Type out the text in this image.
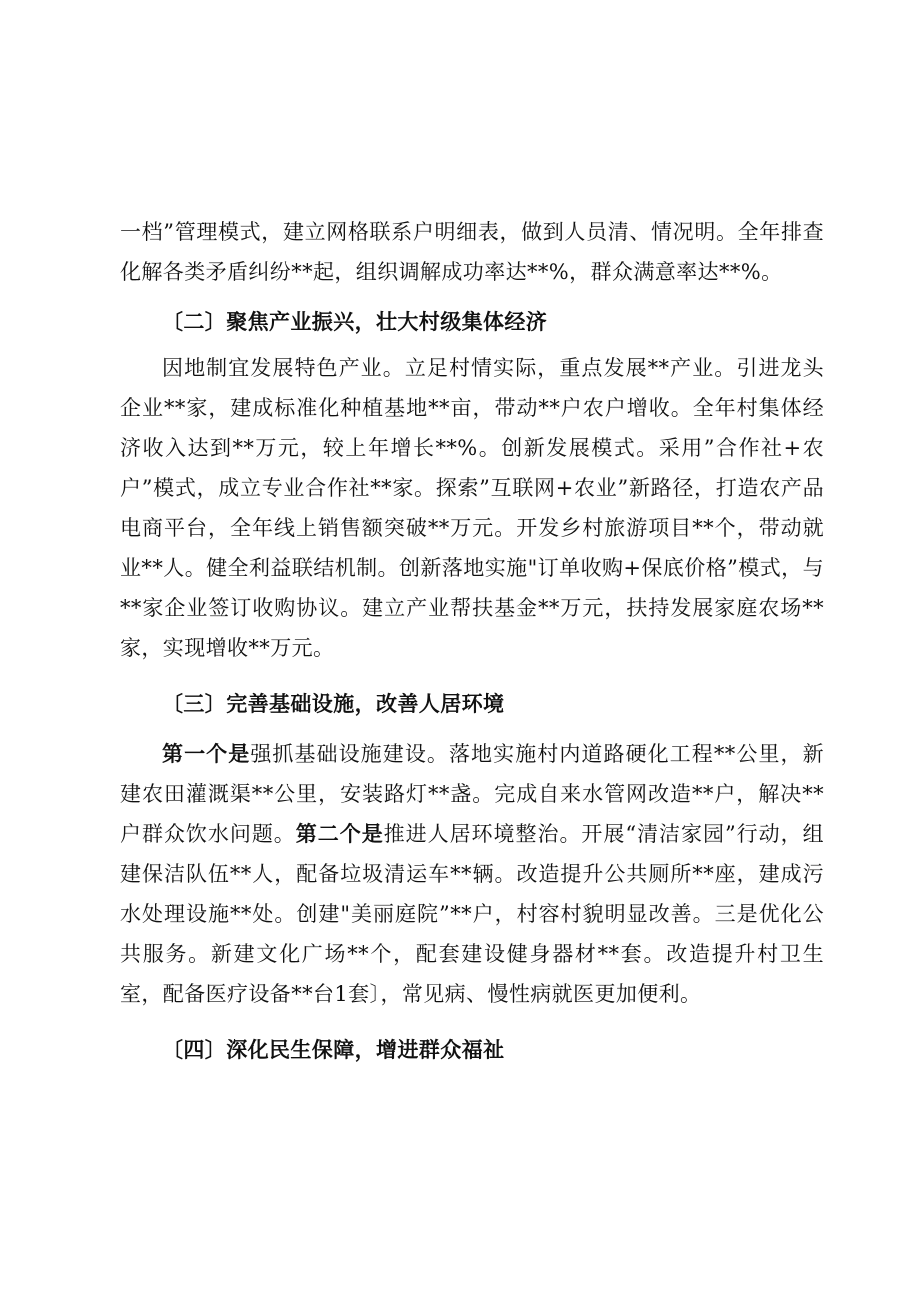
一档”管理模式，建立网格联系户明细表，做到人员清、情况明。全年排查化解各类矛盾纠纷**起，组织调解成功率达**%，群众满意率达**%。

〔二〕聚焦产业振兴，壮大村级集体经济

因地制宜发展特色产业。立足村情实际，重点发展**产业。引进龙头企业**家，建成标准化种植基地**亩，带动**户农户增收。全年村集体经济收入达到**万元，较上年增长**%。创新发展模式。采用”合作社+农户”模式，成立专业合作社**家。探索”互联网+农业”新路径，打造农产品电商平台，全年线上销售额突破**万元。开发乡村旅游项目**个，带动就业**人。健全利益联结机制。创新落地实施"订单收购+保底价格”模式，与**家企业签订收购协议。建立产业帮扶基金**万元，扶持发展家庭农场**家，实现增收**万元。

〔三〕完善基础设施，改善人居环境

第一个是强抓基础设施建设。落地实施村内道路硬化工程**公里，新建农田灌溉渠**公里，安装路灯**盏。完成自来水管网改造**户，解决**户群众饮水问题。第二个是推进人居环境整治。开展“清洁家园”行动，组建保洁队伍**人，配备垃圾清运车**辆。改造提升公共厕所**座，建成污水处理设施**处。创建"美丽庭院”**户，村容村貌明显改善。三是优化公共服务。新建文化广场**个，配套建设健身器材**套。改造提升村卫生室，配备医疗设备**台1套〕，常见病、慢性病就医更加便利。

〔四〕深化民生保障，增进群众福祉
